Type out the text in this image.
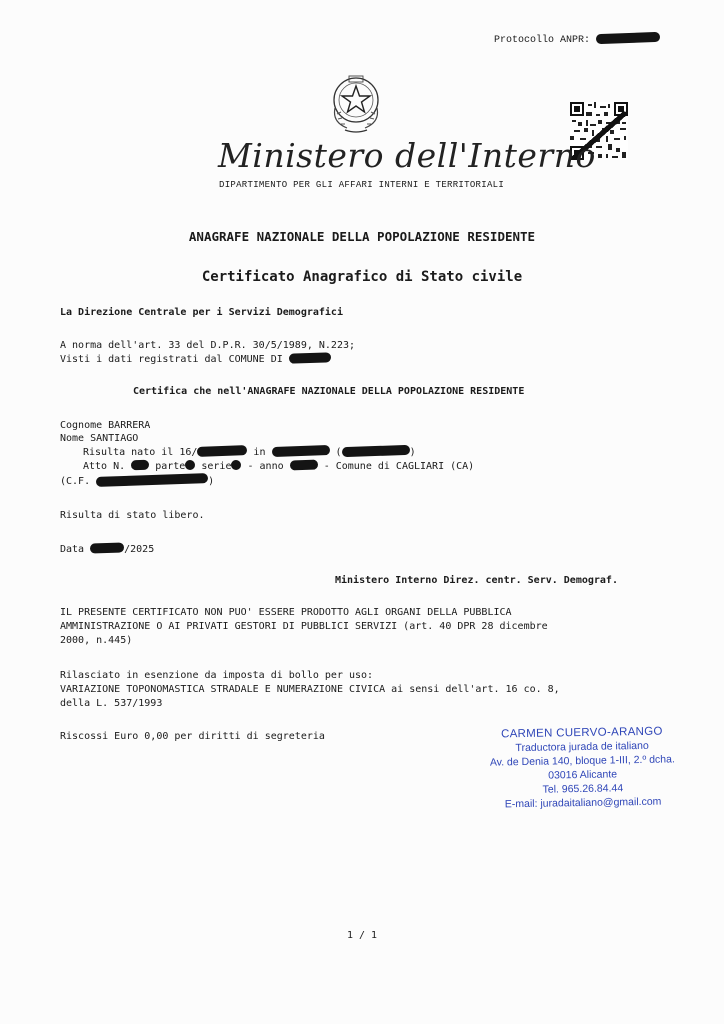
Protocollo ANPR:
Ministero dell'Interno
DIPARTIMENTO PER GLI AFFARI INTERNI E TERRITORIALI
ANAGRAFE NAZIONALE DELLA POPOLAZIONE RESIDENTE
Certificato Anagrafico di Stato civile
La Direzione Centrale per i Servizi Demografici
A norma dell'art. 33 del D.P.R. 30/5/1989, N.223;
Visti i dati registrati dal COMUNE DI
Certifica che nell'ANAGRAFE NAZIONALE DELLA POPOLAZIONE RESIDENTE
Cognome BARRERA
Nome SANTIAGO
Risulta nato il 16/	in	(	)
Atto N.	parte serie - anno	- Comune di CAGLIARI (CA)
(C.F.	)
Risulta di stato libero.
Data	/2025
Ministero Interno Direz. centr. Serv. Demograf.
IL PRESENTE CERTIFICATO NON PUO' ESSERE PRODOTTO AGLI ORGANI DELLA PUBBLICA
AMMINISTRAZIONE O AI PRIVATI GESTORI DI PUBBLICI SERVIZI (art. 40 DPR 28 dicembre
2000, n.445)
Rilasciato in esenzione da imposta di bollo per uso:
VARIAZIONE TOPONOMASTICA STRADALE E NUMERAZIONE CIVICA ai sensi dell'art. 16 co. 8,
della L. 537/1993
Riscossi Euro 0,00 per diritti di segreteria	CARMEN CUERVO-ARANGO
Traductora jurada de italiano
Av. de Denia 140, bloque 1-III, 2.º dcha.
03016 Alicante
Tel. 965.26.84.44
E-mail: juradaitaliano@gmail.com
1 / 1
